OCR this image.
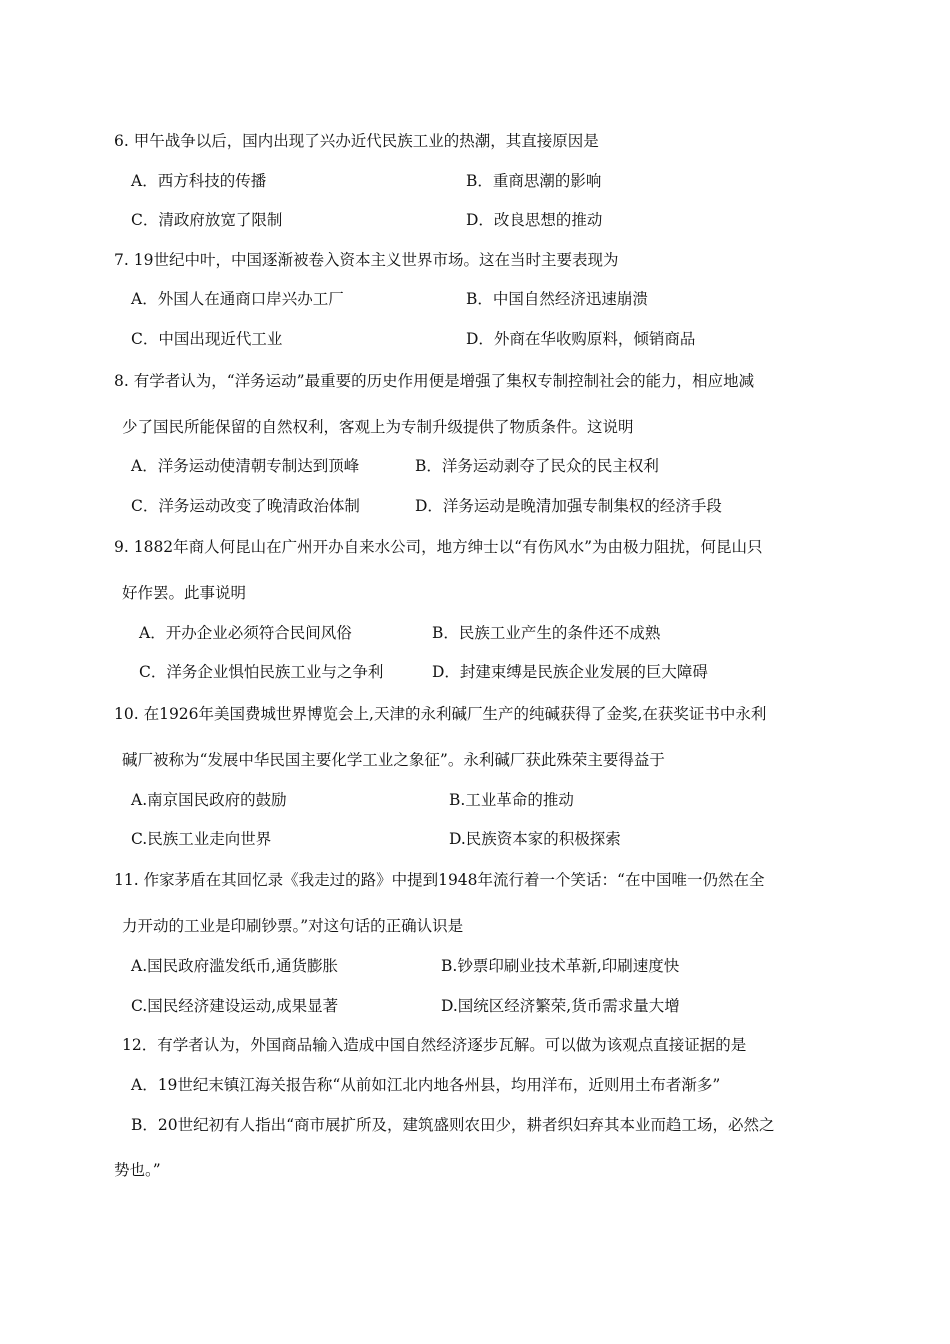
6. 甲午战争以后，国内出现了兴办近代民族工业的热潮，其直接原因是
A．西方科技的传播	B．重商思潮的影响
C．清政府放宽了限制	D．改良思想的推动
7. 19世纪中叶，中国逐渐被卷入资本主义世界市场。这在当时主要表现为
A．外国人在通商口岸兴办工厂	B．中国自然经济迅速崩溃
C．中国出现近代工业	D．外商在华收购原料，倾销商品
8. 有学者认为，“洋务运动”最重要的历史作用便是增强了集权专制控制社会的能力，相应地减
少了国民所能保留的自然权利，客观上为专制升级提供了物质条件。这说明
A．洋务运动使清朝专制达到顶峰	B．洋务运动剥夺了民众的民主权利
C．洋务运动改变了晚清政治体制	D．洋务运动是晚清加强专制集权的经济手段
9. 1882年商人何昆山在广州开办自来水公司，地方绅士以“有伤风水”为由极力阻扰，何昆山只
好作罢。此事说明
A．开办企业必须符合民间风俗	B．民族工业产生的条件还不成熟
C．洋务企业惧怕民族工业与之争利	D．封建束缚是民族企业发展的巨大障碍
10. 在1926年美国费城世界博览会上,天津的永利碱厂生产的纯碱获得了金奖,在获奖证书中永利
碱厂被称为“发展中华民国主要化学工业之象征”。永利碱厂获此殊荣主要得益于
A.南京国民政府的鼓励	B.工业革命的推动
C.民族工业走向世界	D.民族资本家的积极探索
11. 作家茅盾在其回忆录《我走过的路》中提到1948年流行着一个笑话：“在中国唯一仍然在全
力开动的工业是印刷钞票。”对这句话的正确认识是
A.国民政府滥发纸币,通货膨胀	B.钞票印刷业技术革新,印刷速度快
C.国民经济建设运动,成果显著	D.国统区经济繁荣,货币需求量大增
12．有学者认为，外国商品输入造成中国自然经济逐步瓦解。可以做为该观点直接证据的是
A．19世纪末镇江海关报告称“从前如江北内地各州县，均用洋布，近则用土布者渐多”
B．20世纪初有人指出“商市展扩所及，建筑盛则农田少，耕者织妇弃其本业而趋工场，必然之
势也。”
